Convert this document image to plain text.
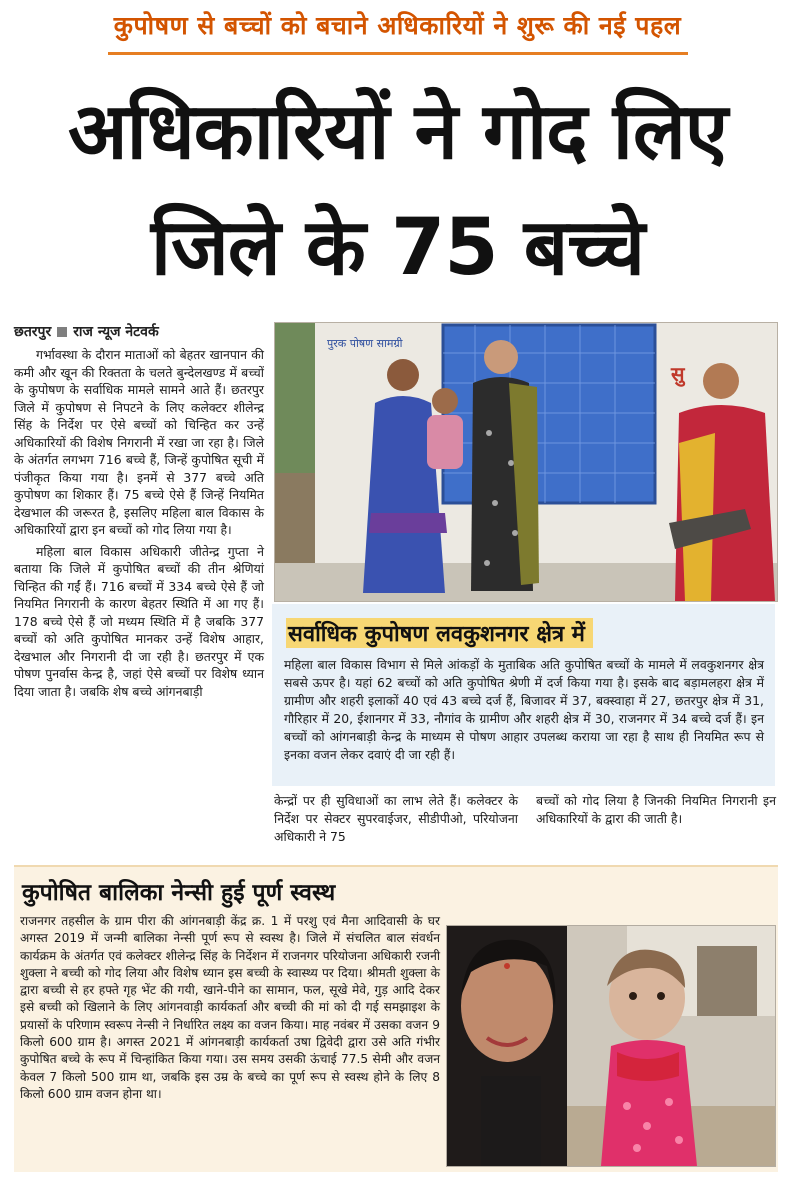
कुपोषण से बच्चों को बचाने अधिकारियों ने शुरू की नई पहल
अधिकारियों ने गोद लिए
जिले के 75 बच्चे
छतरपुर राज न्यूज नेटवर्क

गर्भावस्था के दौरान माताओं को बेहतर खानपान की कमी और खून की रिक्तता के चलते बुन्देलखण्ड में बच्चों के कुपोषण के सर्वाधिक मामले सामने आते हैं। छतरपुर जिले में कुपोषण से निपटने के लिए कलेक्टर शीलेन्द्र सिंह के निर्देश पर ऐसे बच्चों को चिन्हित कर उन्हें अधिकारियों की विशेष निगरानी में रखा जा रहा है। जिले के अंतर्गत लगभग 716 बच्चे हैं, जिन्हें कुपोषित सूची में पंजीकृत किया गया है। इनमें से 377 बच्चे अति कुपोषण का शिकार हैं। 75 बच्चे ऐसे हैं जिन्हें नियमित देखभाल की जरूरत है, इसलिए महिला बाल विकास के अधिकारियों द्वारा इन बच्चों को गोद लिया गया है।

महिला बाल विकास अधिकारी जीतेन्द्र गुप्ता ने बताया कि जिले में कुपोषित बच्चों की तीन श्रेणियां चिन्हित की गईं हैं। 716 बच्चों में 334 बच्चे ऐसे हैं जो नियमित निगरानी के कारण बेहतर स्थिति में आ गए हैं। 178 बच्चे ऐसे हैं जो मध्यम स्थिति में है जबकि 377 बच्चों को अति कुपोषित मानकर उन्हें विशेष आहार, देखभाल और निगरानी दी जा रही है। छतरपुर में एक पोषण पुनर्वास केन्द्र है, जहां ऐसे बच्चों पर विशेष ध्यान दिया जाता है। जबकि शेष बच्चे आंगनबाड़ी

पुरक पोषण सामग्री
सु
सर्वाधिक कुपोषण लवकुशनगर क्षेत्र में
महिला बाल विकास विभाग से मिले आंकड़ों के मुताबिक अति कुपोषित बच्चों के मामले में लवकुशनगर क्षेत्र सबसे ऊपर है। यहां 62 बच्चों को अति कुपोषित श्रेणी में दर्ज किया गया है। इसके बाद बड़ामलहरा क्षेत्र में ग्रामीण और शहरी इलाकों 40 एवं 43 बच्चे दर्ज हैं, बिजावर में 37, बक्स्वाहा में 27, छतरपुर क्षेत्र में 31, गौरिहार में 20, ईशानगर में 33, नौगांव के ग्रामीण और शहरी क्षेत्र में 30, राजनगर में 34 बच्चे दर्ज हैं। इन बच्चों को आंगनबाड़ी केन्द्र के माध्यम से पोषण आहार उपलब्ध कराया जा रहा है साथ ही नियमित रूप से इनका वजन लेकर दवाएं दी जा रही हैं।
केन्द्रों पर ही सुविधाओं का लाभ लेते हैं। कलेक्टर के निर्देश पर सेक्टर सुपरवाईजर, सीडीपीओ, परियोजना अधिकारी ने 75
बच्चों को गोद लिया है जिनकी नियमित निगरानी इन अधिकारियों के द्वारा की जाती है।
कुपोषित बालिका नेन्सी हुई पूर्ण स्वस्थ
राजनगर तहसील के ग्राम पीरा की आंगनबाड़ी केंद्र क्र. 1 में परशु एवं मैना आदिवासी के घर अगस्त 2019 में जन्मी बालिका नेन्सी पूर्ण रूप से स्वस्थ है। जिले में संचलित बाल संवर्धन कार्यक्रम के अंतर्गत एवं कलेक्टर शीलेन्द्र सिंह के निर्देशन में राजनगर परियोजना अधिकारी रजनी शुक्ला ने बच्ची को गोद लिया और विशेष ध्यान इस बच्ची के स्वास्थ्य पर दिया। श्रीमती शुक्ला के द्वारा बच्ची से हर हफ्ते गृह भेंट की गयी, खाने-पीने का सामान, फल, सूखे मेवे, गुड़ आदि देकर इसे बच्ची को खिलाने के लिए आंगनवाड़ी कार्यकर्ता और बच्ची की मां को दी गई समझाइश के प्रयासों के परिणाम स्वरूप नेन्सी ने निर्धारित लक्ष्य का वजन किया। माह नवंबर में उसका वजन 9 किलो 600 ग्राम है। अगस्त 2021 में आंगनबाड़ी कार्यकर्ता उषा द्विवेदी द्वारा उसे अति गंभीर कुपोषित बच्चे के रूप में चिन्हांकित किया गया। उस समय उसकी ऊंचाई 77.5 सेमी और वजन केवल 7 किलो 500 ग्राम था, जबकि इस उम्र के बच्चे का पूर्ण रूप से स्वस्थ होने के लिए 8 किलो 600 ग्राम वजन होना था।
